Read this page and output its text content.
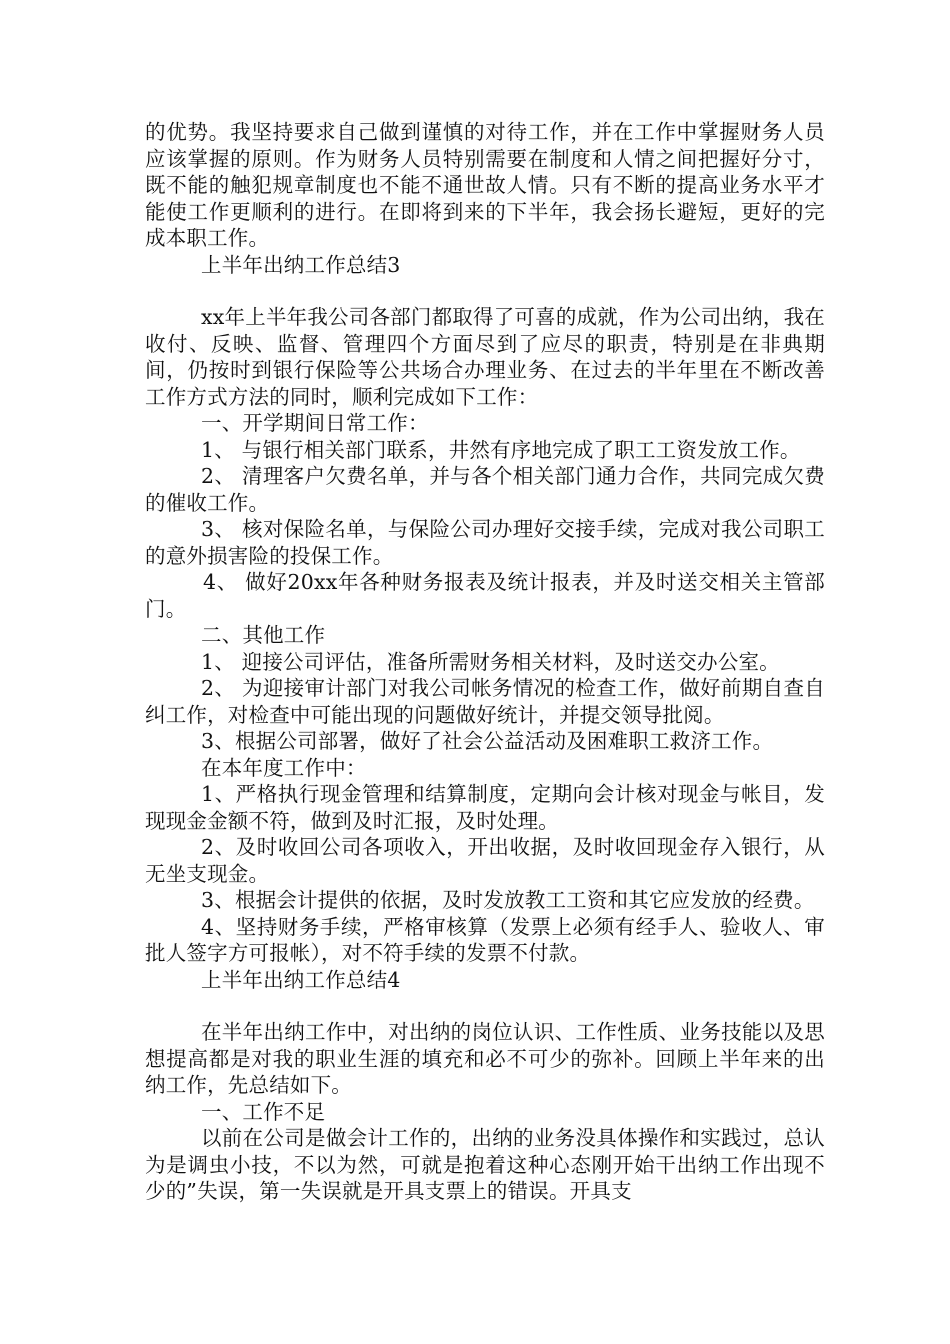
的优势。我坚持要求自己做到谨慎的对待工作，并在工作中掌握财务人员应该掌握的原则。作为财务人员特别需要在制度和人情之间把握好分寸，既不能的触犯规章制度也不能不通世故人情。只有不断的提高业务水平才能使工作更顺利的进行。在即将到来的下半年，我会扬长避短，更好的完成本职工作。

上半年出纳工作总结3

xx年上半年我公司各部门都取得了可喜的成就，作为公司出纳，我在收付、反映、监督、管理四个方面尽到了应尽的职责，特别是在非典期间，仍按时到银行保险等公共场合办理业务、在过去的半年里在不断改善工作方式方法的同时，顺利完成如下工作：

一、开学期间日常工作：

1、 与银行相关部门联系，井然有序地完成了职工工资发放工作。

2、 清理客户欠费名单，并与各个相关部门通力合作，共同完成欠费的催收工作。

3、 核对保险名单，与保险公司办理好交接手续，完成对我公司职工的意外损害险的投保工作。

4、 做好20xx年各种财务报表及统计报表，并及时送交相关主管部门。

二、其他工作

1、 迎接公司评估，准备所需财务相关材料，及时送交办公室。

2、 为迎接审计部门对我公司帐务情况的检查工作，做好前期自查自纠工作，对检查中可能出现的问题做好统计，并提交领导批阅。

3、根据公司部署，做好了社会公益活动及困难职工救济工作。

在本年度工作中：

1、严格执行现金管理和结算制度，定期向会计核对现金与帐目，发现现金金额不符，做到及时汇报，及时处理。

2、及时收回公司各项收入，开出收据，及时收回现金存入银行，从无坐支现金。

3、根据会计提供的依据，及时发放教工工资和其它应发放的经费。

4、坚持财务手续，严格审核算（发票上必须有经手人、验收人、审批人签字方可报帐），对不符手续的发票不付款。

上半年出纳工作总结4

在半年出纳工作中，对出纳的岗位认识、工作性质、业务技能以及思想提高都是对我的职业生涯的填充和必不可少的弥补。回顾上半年来的出纳工作，先总结如下。

一、工作不足

以前在公司是做会计工作的，出纳的业务没具体操作和实践过，总认为是调虫小技，不以为然，可就是抱着这种心态刚开始干出纳工作出现不少的”失误，第一失误就是开具支票上的错误。开具支
